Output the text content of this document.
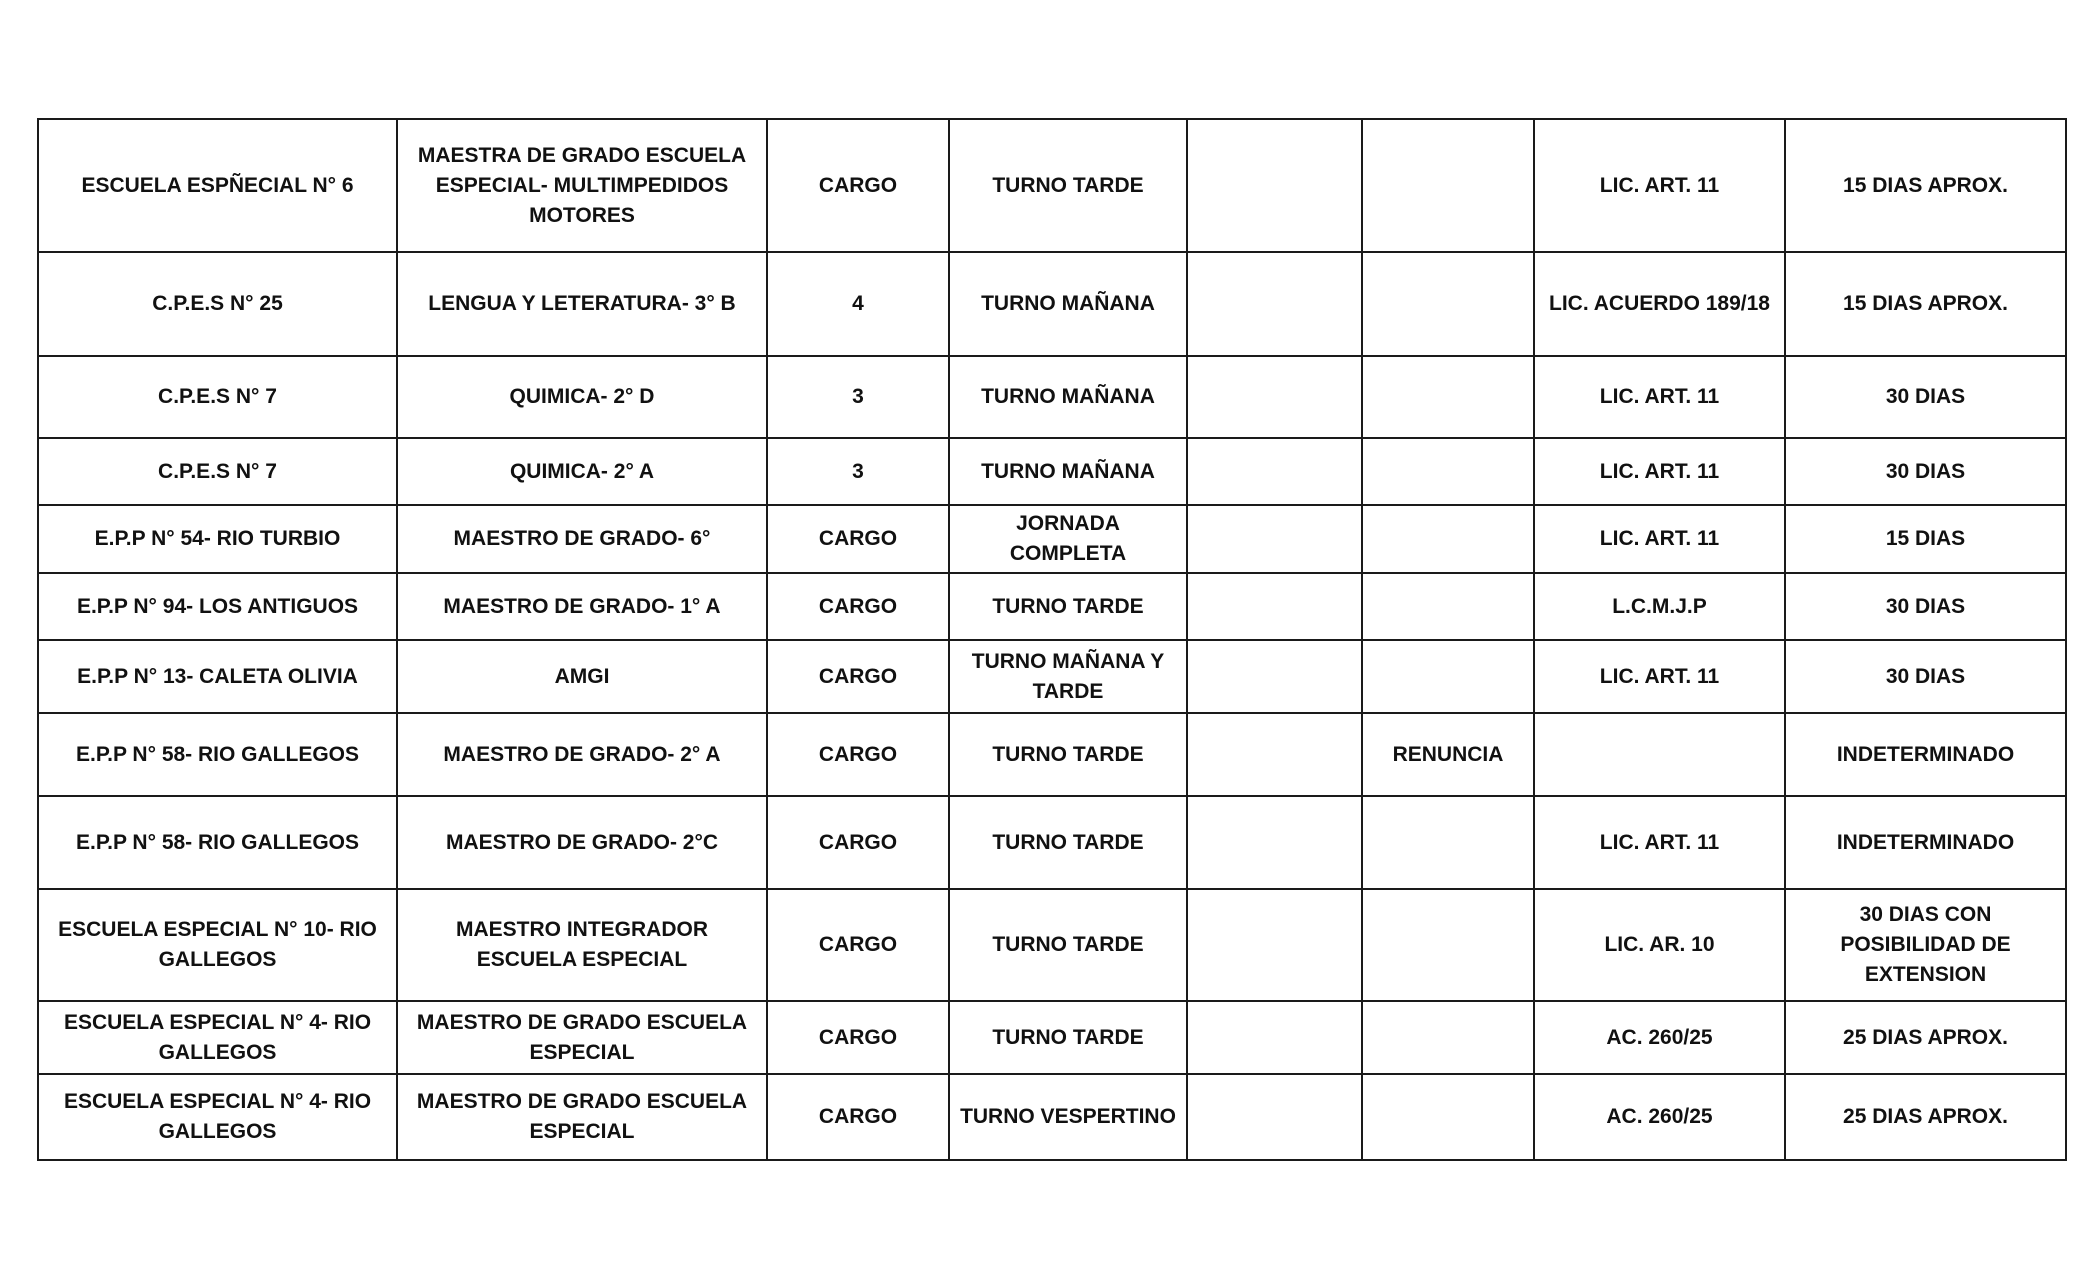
ESCUELA ESPÑECIAL N° 6	MAESTRA DE GRADO ESCUELA ESPECIAL- MULTIMPEDIDOS MOTORES	CARGO	TURNO TARDE			LIC. ART. 11	15 DIAS APROX.
C.P.E.S N° 25	LENGUA Y LETERATURA- 3° B	4	TURNO MAÑANA			LIC. ACUERDO 189/18	15 DIAS APROX.
C.P.E.S N° 7	QUIMICA- 2° D	3	TURNO MAÑANA			LIC. ART. 11	30 DIAS
C.P.E.S N° 7	QUIMICA- 2° A	3	TURNO MAÑANA			LIC. ART. 11	30 DIAS
E.P.P N° 54- RIO TURBIO	MAESTRO DE GRADO- 6°	CARGO	JORNADA COMPLETA			LIC. ART. 11	15 DIAS
E.P.P N° 94- LOS ANTIGUOS	MAESTRO DE GRADO- 1° A	CARGO	TURNO TARDE			L.C.M.J.P	30 DIAS
E.P.P N° 13- CALETA OLIVIA	AMGI	CARGO	TURNO MAÑANA Y TARDE			LIC. ART. 11	30 DIAS
E.P.P N° 58- RIO GALLEGOS	MAESTRO DE GRADO- 2° A	CARGO	TURNO TARDE		RENUNCIA		INDETERMINADO
E.P.P N° 58- RIO GALLEGOS	MAESTRO DE GRADO- 2°C	CARGO	TURNO TARDE			LIC. ART. 11	INDETERMINADO
ESCUELA ESPECIAL N° 10- RIO GALLEGOS	MAESTRO INTEGRADOR ESCUELA ESPECIAL	CARGO	TURNO TARDE			LIC. AR. 10	30 DIAS CON POSIBILIDAD DE EXTENSION
ESCUELA ESPECIAL N° 4- RIO GALLEGOS	MAESTRO DE GRADO ESCUELA ESPECIAL	CARGO	TURNO TARDE			AC. 260/25	25 DIAS APROX.
ESCUELA ESPECIAL N° 4- RIO GALLEGOS	MAESTRO DE GRADO ESCUELA ESPECIAL	CARGO	TURNO VESPERTINO			AC. 260/25	25 DIAS APROX.
